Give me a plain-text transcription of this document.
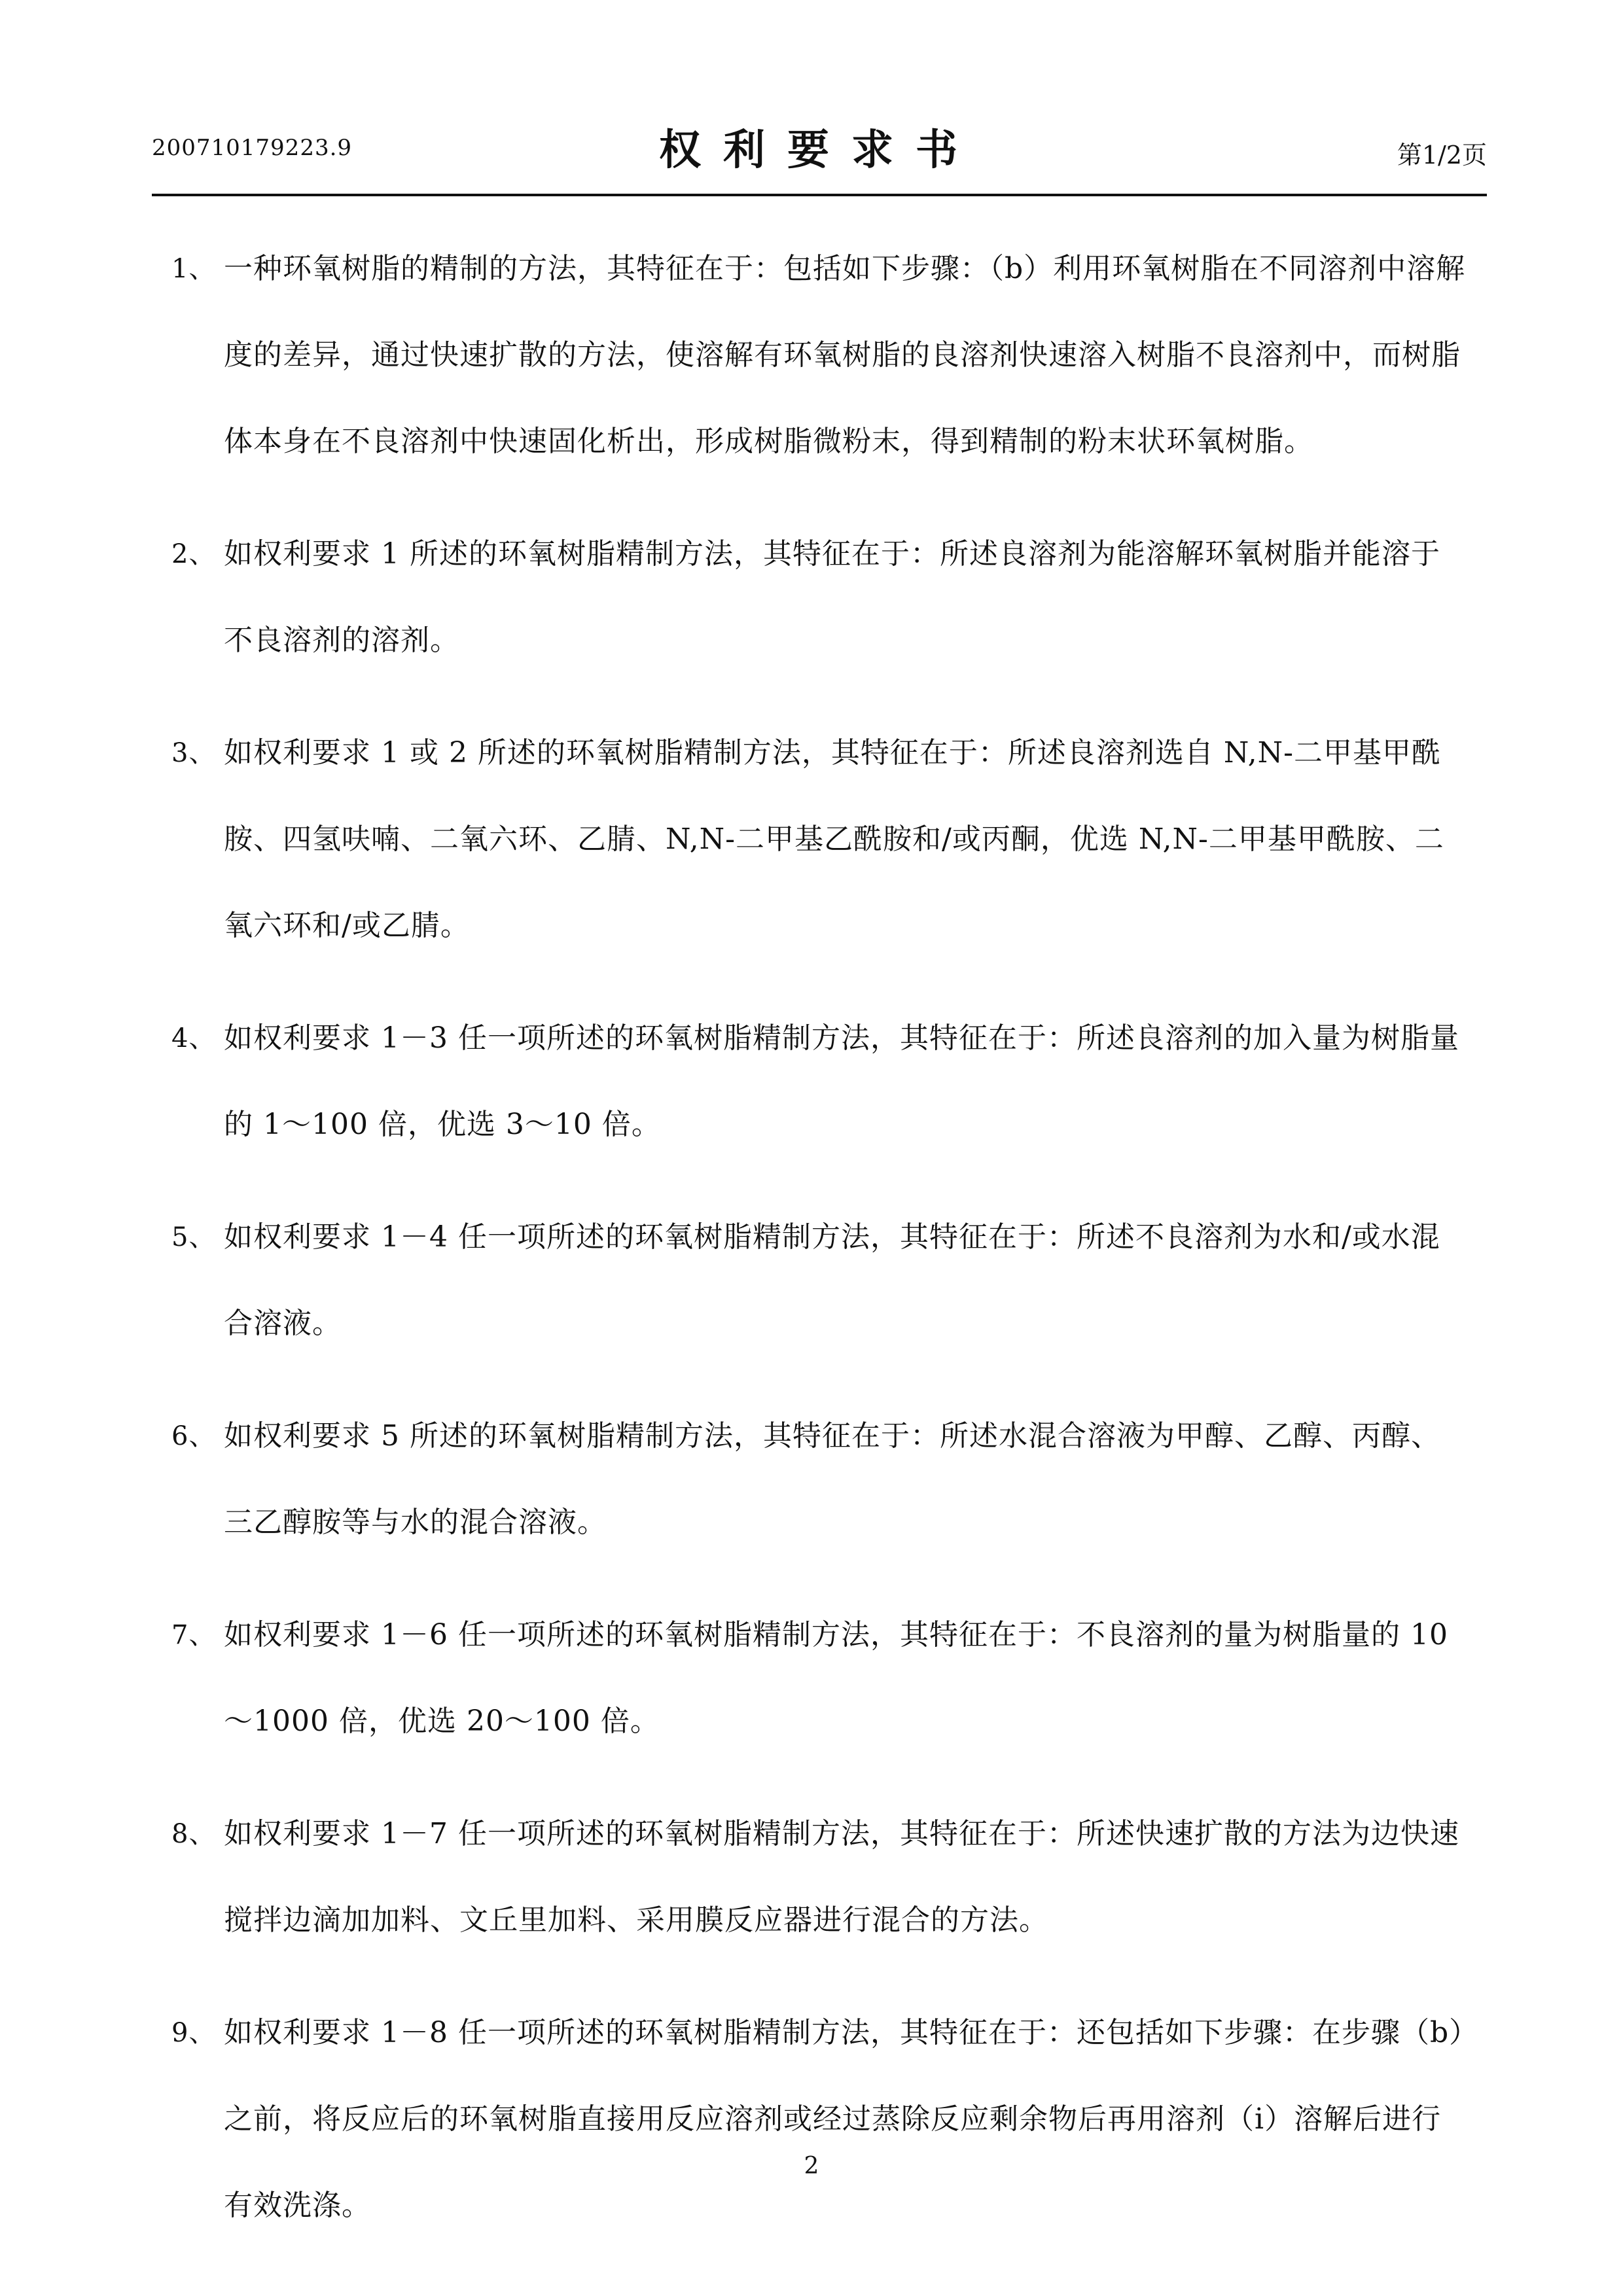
200710179223.9	权利要求书	第1/2页
1、 一种环氧树脂的精制的方法，其特征在于：包括如下步骤：（b）利用环氧树脂在不同溶剂中溶解度的差异，通过快速扩散的方法，使溶解有环氧树脂的良溶剂快速溶入树脂不良溶剂中，而树脂体本身在不良溶剂中快速固化析出，形成树脂微粉末，得到精制的粉末状环氧树脂。
2、 如权利要求 1 所述的环氧树脂精制方法，其特征在于：所述良溶剂为能溶解环氧树脂并能溶于不良溶剂的溶剂。
3、 如权利要求 1 或 2 所述的环氧树脂精制方法，其特征在于：所述良溶剂选自 N,N-二甲基甲酰胺、四氢呋喃、二氧六环、乙腈、N,N-二甲基乙酰胺和/或丙酮，优选 N,N-二甲基甲酰胺、二氧六环和/或乙腈。
4、 如权利要求 1－3 任一项所述的环氧树脂精制方法，其特征在于：所述良溶剂的加入量为树脂量的 1～100 倍，优选 3～10 倍。
5、 如权利要求 1－4 任一项所述的环氧树脂精制方法，其特征在于：所述不良溶剂为水和/或水混合溶液。
6、 如权利要求 5 所述的环氧树脂精制方法，其特征在于：所述水混合溶液为甲醇、乙醇、丙醇、三乙醇胺等与水的混合溶液。
7、 如权利要求 1－6 任一项所述的环氧树脂精制方法，其特征在于：不良溶剂的量为树脂量的 10～1000 倍，优选 20～100 倍。
8、 如权利要求 1－7 任一项所述的环氧树脂精制方法，其特征在于：所述快速扩散的方法为边快速搅拌边滴加加料、文丘里加料、采用膜反应器进行混合的方法。
9、 如权利要求 1－8 任一项所述的环氧树脂精制方法，其特征在于：还包括如下步骤：在步骤（b）之前，将反应后的环氧树脂直接用反应溶剂或经过蒸除反应剩余物后再用溶剂（i）溶解后进行有效洗涤。
2
